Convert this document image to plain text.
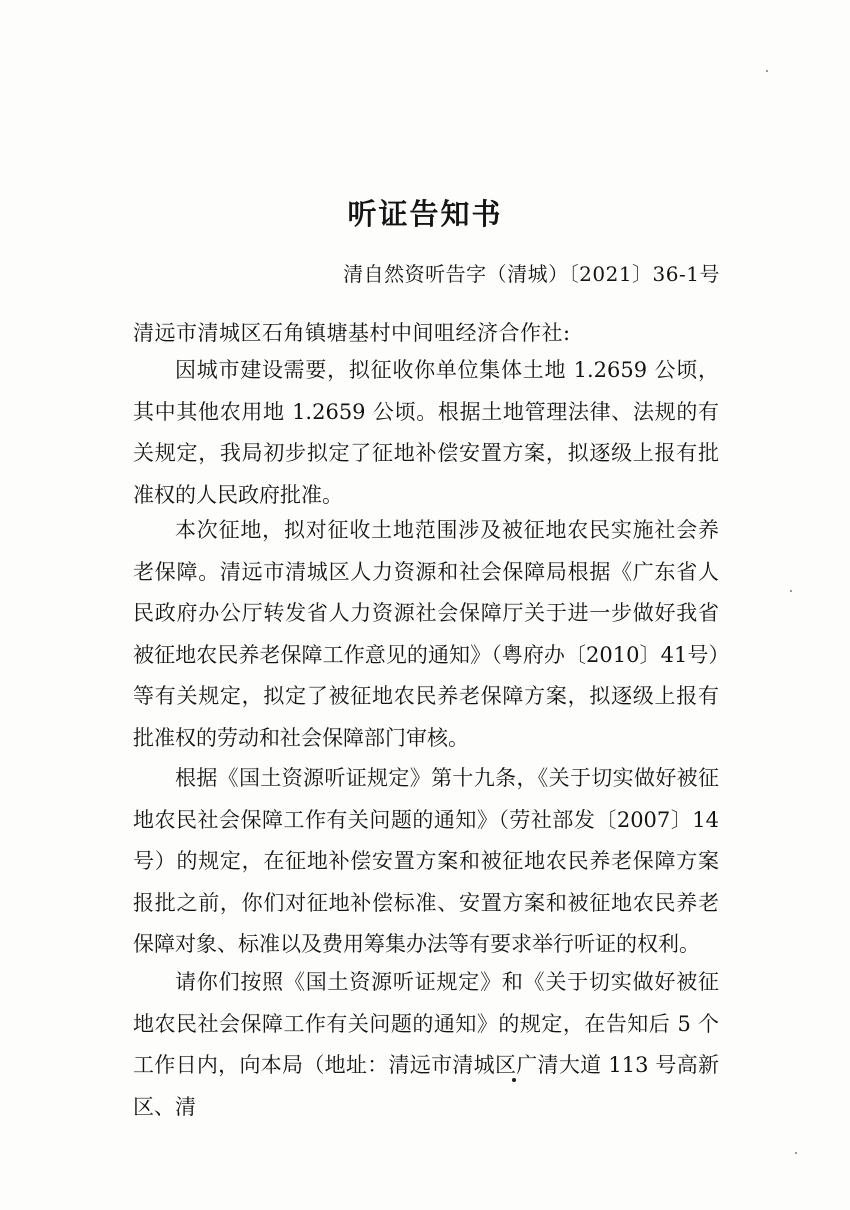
听证告知书
清自然资听告字（清城）〔2021〕36-1号
清远市清城区石角镇塘基村中间咀经济合作社:

因城市建设需要，拟征收你单位集体土地 1.2659 公顷，其中其他农用地 1.2659 公顷。根据土地管理法律、法规的有关规定，我局初步拟定了征地补偿安置方案，拟逐级上报有批准权的人民政府批准。

本次征地，拟对征收土地范围涉及被征地农民实施社会养老保障。清远市清城区人力资源和社会保障局根据《广东省人民政府办公厅转发省人力资源社会保障厅关于进一步做好我省被征地农民养老保障工作意见的通知》（粤府办〔2010〕41号）等有关规定，拟定了被征地农民养老保障方案，拟逐级上报有批准权的劳动和社会保障部门审核。

根据《国土资源听证规定》第十九条，《关于切实做好被征地农民社会保障工作有关问题的通知》（劳社部发〔2007〕14号）的规定，在征地补偿安置方案和被征地农民养老保障方案报批之前，你们对征地补偿标准、安置方案和被征地农民养老保障对象、标准以及费用筹集办法等有要求举行听证的权利。

请你们按照《国土资源听证规定》和《关于切实做好被征地农民社会保障工作有关问题的通知》的规定，在告知后 5 个工作日内，向本局（地址：清远市清城区广清大道 113 号高新区、清
